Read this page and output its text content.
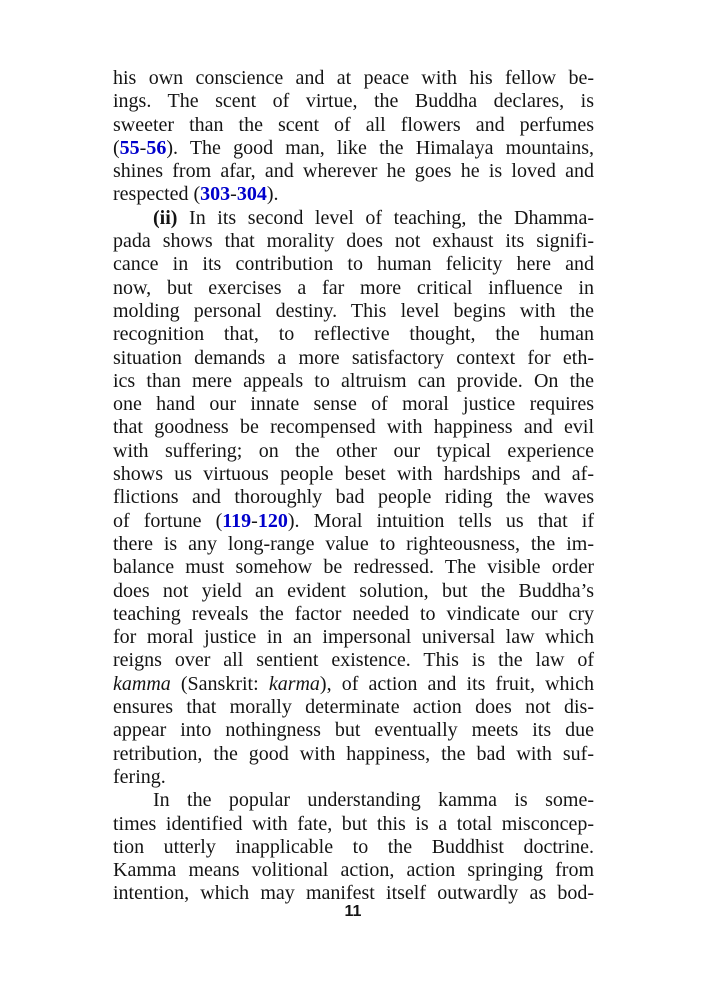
his own conscience and at peace with his fellow be-
ings. The scent of virtue, the Buddha declares, is
sweeter than the scent of all flowers and perfumes
(55-56). The good man, like the Himalaya mountains,
shines from afar, and wherever he goes he is loved and
respected (303-304).
(ii) In its second level of teaching, the Dhamma-
pada shows that morality does not exhaust its signifi-
cance in its contribution to human felicity here and
now, but exercises a far more critical influence in
molding personal destiny. This level begins with the
recognition that, to reflective thought, the human
situation demands a more satisfactory context for eth-
ics than mere appeals to altruism can provide. On the
one hand our innate sense of moral justice requires
that goodness be recompensed with happiness and evil
with suffering; on the other our typical experience
shows us virtuous people beset with hardships and af-
flictions and thoroughly bad people riding the waves
of fortune (119-120). Moral intuition tells us that if
there is any long-range value to righteousness, the im-
balance must somehow be redressed. The visible order
does not yield an evident solution, but the Buddha’s
teaching reveals the factor needed to vindicate our cry
for moral justice in an impersonal universal law which
reigns over all sentient existence. This is the law of
kamma (Sanskrit: karma), of action and its fruit, which
ensures that morally determinate action does not dis-
appear into nothingness but eventually meets its due
retribution, the good with happiness, the bad with suf-
fering.
In the popular understanding kamma is some-
times identified with fate, but this is a total misconcep-
tion utterly inapplicable to the Buddhist doctrine.
Kamma means volitional action, action springing from
intention, which may manifest itself outwardly as bod-
11
